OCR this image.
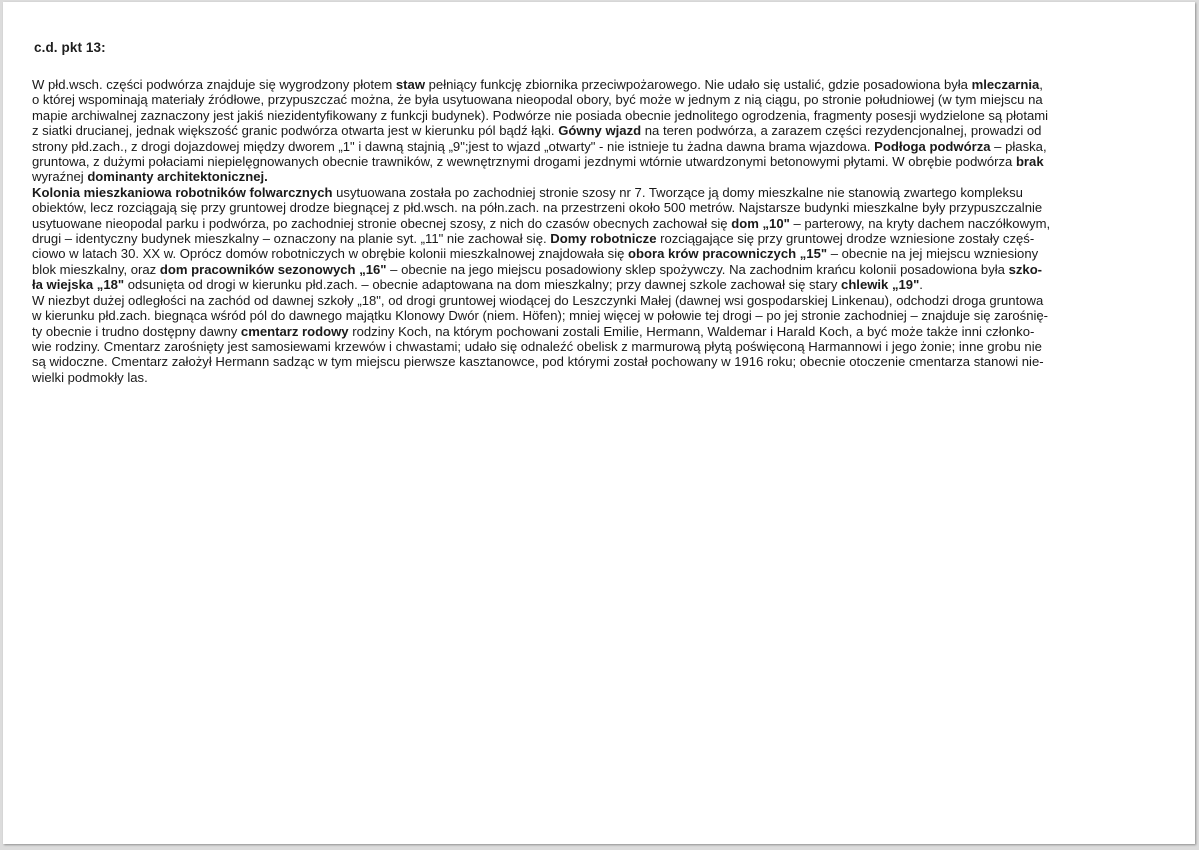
c.d. pkt 13:
W płd.wsch. części podwórza znajduje się wygrodzony płotem staw pełniący funkcję zbiornika przeciwpożarowego. Nie udało się ustalić, gdzie posadowiona była mleczarnia,
o której wspominają materiały źródłowe, przypuszczać można, że była usytuowana nieopodal obory, być może w jednym z nią ciągu, po stronie południowej (w tym miejscu na
mapie archiwalnej zaznaczony jest jakiś niezidentyfikowany z funkcji budynek). Podwórze nie posiada obecnie jednolitego ogrodzenia, fragmenty posesji wydzielone są płotami
z siatki drucianej, jednak większość granic podwórza otwarta jest w kierunku pól bądź łąki. Gówny wjazd na teren podwórza, a zarazem części rezydencjonalnej, prowadzi od
strony płd.zach., z drogi dojazdowej między dworem „1" i dawną stajnią „9";jest to wjazd „otwarty" - nie istnieje tu żadna dawna brama wjazdowa. Podłoga podwórza – płaska,
gruntowa, z dużymi połaciami niepielęgnowanych obecnie trawników, z wewnętrznymi drogami jezdnymi wtórnie utwardzonymi betonowymi płytami. W obrębie podwórza brak
wyraźnej dominanty architektonicznej.
Kolonia mieszkaniowa robotników folwarcznych usytuowana została po zachodniej stronie szosy nr 7. Tworzące ją domy mieszkalne nie stanowią zwartego kompleksu
obiektów, lecz rozciągają się przy gruntowej drodze biegnącej z płd.wsch. na półn.zach. na przestrzeni około 500 metrów. Najstarsze budynki mieszkalne były przypuszczalnie
usytuowane nieopodal parku i podwórza, po zachodniej stronie obecnej szosy, z nich do czasów obecnych zachował się dom „10" – parterowy, na kryty dachem naczółkowym,
drugi – identyczny budynek mieszkalny – oznaczony na planie syt. „11" nie zachował się. Domy robotnicze rozciągające się przy gruntowej drodze wzniesione zostały częś-
ciowo w latach 30. XX w. Oprócz domów robotniczych w obrębie kolonii mieszkalnowej znajdowała się obora krów pracowniczych „15" – obecnie na jej miejscu wzniesiony
blok mieszkalny, oraz dom pracowników sezonowych „16" – obecnie na jego miejscu posadowiony sklep spożywczy. Na zachodnim krańcu kolonii posadowiona była szko-
ła wiejska „18" odsunięta od drogi w kierunku płd.zach. – obecnie adaptowana na dom mieszkalny; przy dawnej szkole zachował się stary chlewik „19".
W niezbyt dużej odległości na zachód od dawnej szkoły „18", od drogi gruntowej wiodącej do Leszczynki Małej (dawnej wsi gospodarskiej Linkenau), odchodzi droga gruntowa
w kierunku płd.zach. biegnąca wśród pól do dawnego majątku Klonowy Dwór (niem. Höfen); mniej więcej w połowie tej drogi – po jej stronie zachodniej – znajduje się zarośnię-
ty obecnie i trudno dostępny dawny cmentarz rodowy rodziny Koch, na którym pochowani zostali Emilie, Hermann, Waldemar i Harald Koch, a być może także inni członko-
wie rodziny. Cmentarz zarośnięty jest samosiewami krzewów i chwastami; udało się odnaleźć obelisk z marmurową płytą poświęconą Harmannowi i jego żonie; inne grobu nie
są widoczne. Cmentarz założył Hermann sadząc w tym miejscu pierwsze kasztanowce, pod którymi został pochowany w 1916 roku; obecnie otoczenie cmentarza stanowi nie-
wielki podmokły las.
